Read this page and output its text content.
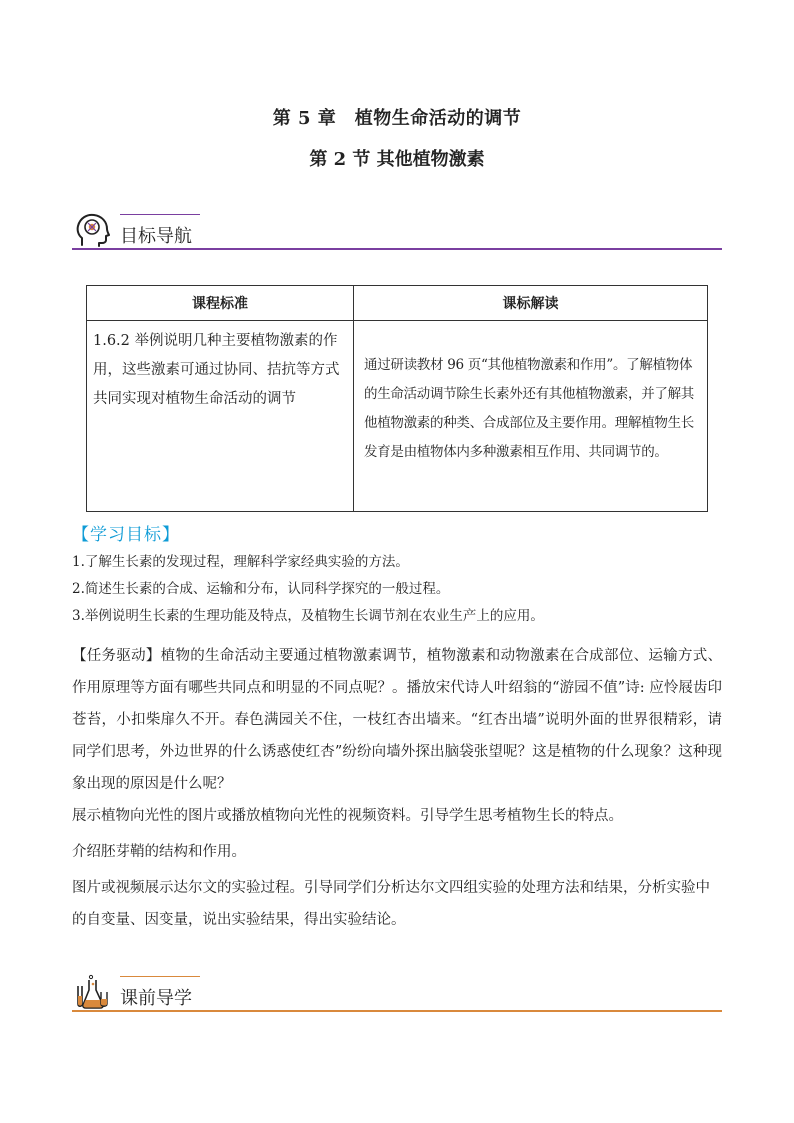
第 5 章　植物生命活动的调节
第 2 节 其他植物激素
目标导航
课程标准	课标解读
1.6.2 举例说明几种主要植物激素的作用，这些激素可通过协同、拮抗等方式共同实现对植物生命活动的调节	通过研读教材 96 页“其他植物激素和作用”。了解植物体的生命活动调节除生长素外还有其他植物激素，并了解其他植物激素的种类、合成部位及主要作用。理解植物生长发育是由植物体内多种激素相互作用、共同调节的。
【学习目标】
1.了解生长素的发现过程，理解科学家经典实验的方法。
2.简述生长素的合成、运输和分布，认同科学探究的一般过程。
3.举例说明生长素的生理功能及特点，及植物生长调节剂在农业生产上的应用。
【任务驱动】植物的生命活动主要通过植物激素调节，植物激素和动物激素在合成部位、运输方式、作用原理等方面有哪些共同点和明显的不同点呢？。播放宋代诗人叶绍翁的“游园不值”诗: 应怜屐齿印苍苔，小扣柴扉久不开。春色满园关不住，一枝红杏出墙来。“红杏出墙”说明外面的世界很精彩，请同学们思考，外边世界的什么诱惑使红杏”纷纷向墙外探出脑袋张望呢？这是植物的什么现象？这种现象出现的原因是什么呢？
展示植物向光性的图片或播放植物向光性的视频资料。引导学生思考植物生长的特点。
介绍胚芽鞘的结构和作用。
图片或视频展示达尔文的实验过程。引导同学们分析达尔文四组实验的处理方法和结果，分析实验中的自变量、因变量，说出实验结果，得出实验结论。
课前导学
